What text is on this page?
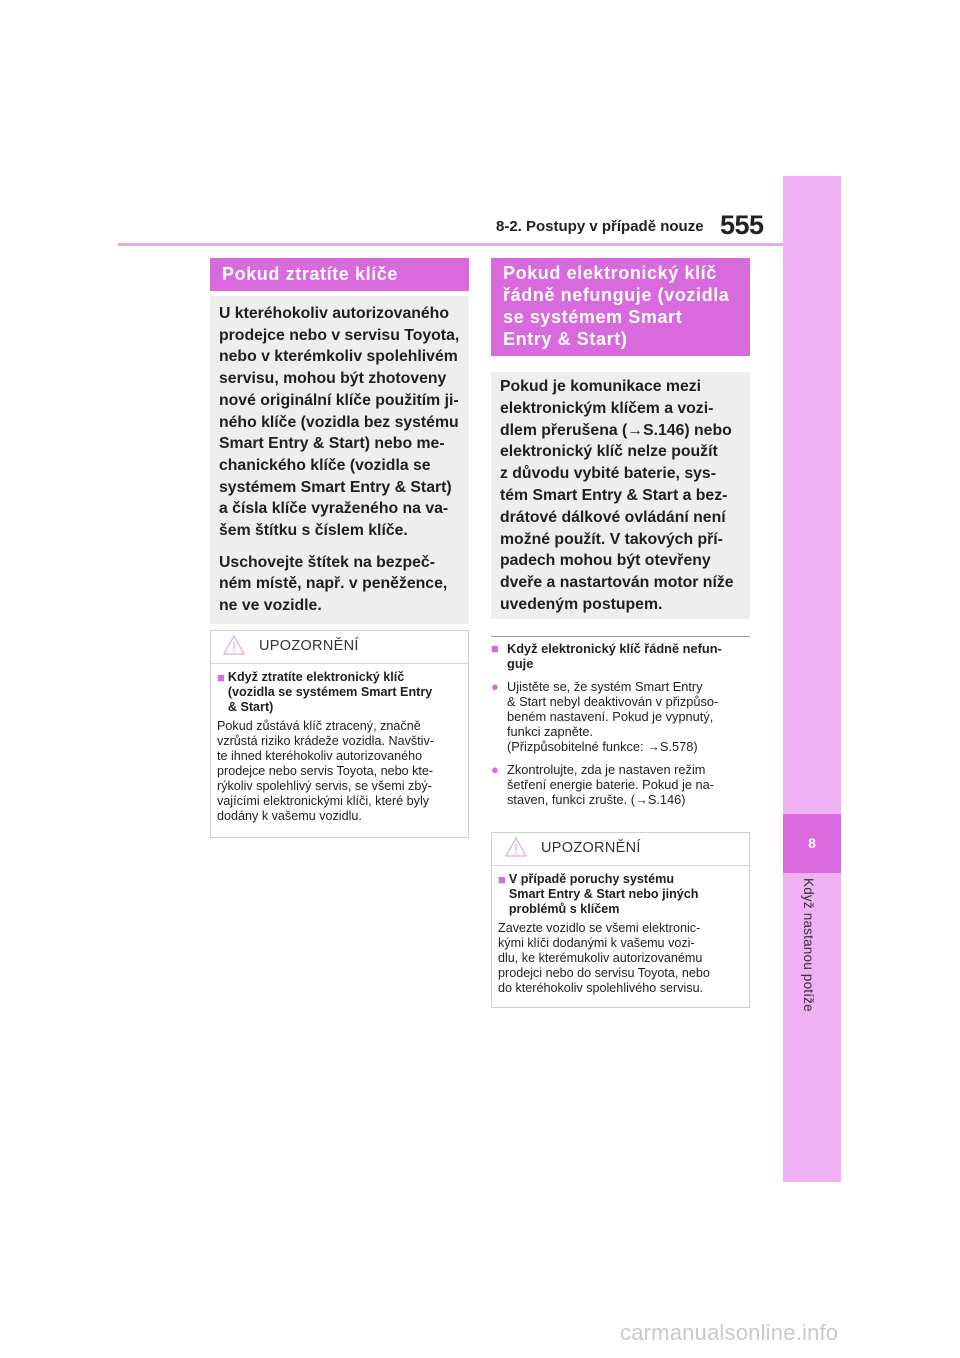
8-2. Postupy v případě nouze 555
8
Když nastanou potíže
Pokud ztratíte klíče
U kteréhokoliv autorizovaného
prodejce nebo v servisu Toyota,
nebo v kterémkoliv spolehlivém
servisu, mohou být zhotoveny
nové originální klíče použitím ji-
ného klíče (vozidla bez systému
Smart Entry & Start) nebo me-
chanického klíče (vozidla se
systémem Smart Entry & Start)
a čísla klíče vyraženého na va-
šem štítku s číslem klíče.
Uschovejte štítek na bezpeč-
ném místě, např. v peněžence,
ne ve vozidle.
UPOZORNĚNÍ
■ Když ztratíte elektronický klíč
(vozidla se systémem Smart Entry
& Start)
Pokud zůstává klíč ztracený, značně
vzrůstá riziko krádeže vozidla. Navštiv-
te ihned kteréhokoliv autorizovaného
prodejce nebo servis Toyota, nebo kte-
rýkoliv spolehlivý servis, se všemi zbý-
vajícími elektronickými klíči, které byly
dodány k vašemu vozidlu.
Pokud elektronický klíč
řádně nefunguje (vozidla
se systémem Smart
Entry & Start)
Pokud je komunikace mezi
elektronickým klíčem a vozi-
dlem přerušena (→S.146) nebo
elektronický klíč nelze použít
z důvodu vybité baterie, sys-
tém Smart Entry & Start a bez-
drátové dálkové ovládání není
možné použít. V takových pří-
padech mohou být otevřeny
dveře a nastartován motor níže
uvedeným postupem.
■ Když elektronický klíč řádně nefun-
guje
● Ujistěte se, že systém Smart Entry
& Start nebyl deaktivován v přizpůso-
beném nastavení. Pokud je vypnutý,
funkci zapněte.
(Přizpůsobitelné funkce: →S.578)
● Zkontrolujte, zda je nastaven režim
šetření energie baterie. Pokud je na-
staven, funkci zrušte. (→S.146)
UPOZORNĚNÍ
■ V případě poruchy systému
Smart Entry & Start nebo jiných
problémů s klíčem
Zavezte vozidlo se všemi elektronic-
kými klíči dodanými k vašemu vozi-
dlu, ke kterémukoliv autorizovanému
prodejci nebo do servisu Toyota, nebo
do kteréhokoliv spolehlivého servisu.
carmanualsonline.info
